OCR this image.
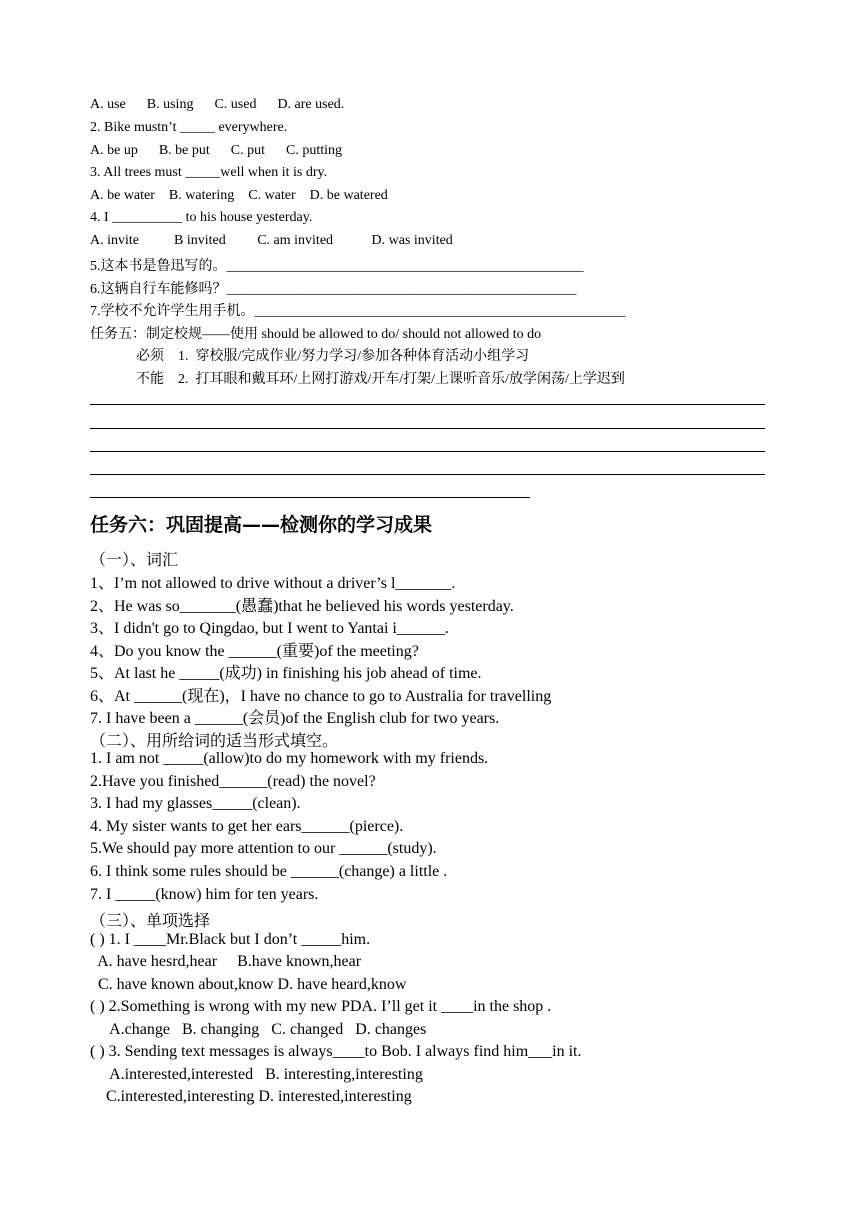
A. use      B. using      C. used      D. are used.
2. Bike mustn’t _____ everywhere.
A. be up      B. be put      C. put      C. putting
3. All trees must _____well when it is dry.
A. be water    B. watering    C. water    D. be watered
4. I __________ to his house yesterday.
A. invite          B invited         C. am invited           D. was invited
5.这本书是鲁迅写的。___________________________________________________
6.这辆自行车能修吗？__________________________________________________
7.学校不允许学生用手机。_____________________________________________________
任务五：制定校规——使用 should be allowed to do/ should not allowed to do
必须    1.  穿校服/完成作业/努力学习/参加各种体育活动小组学习
不能    2.  打耳眼和戴耳环/上网打游戏/开车/打架/上课听音乐/放学闲荡/上学迟到
任务六：巩固提高——检测你的学习成果
（一）、词汇
1、I’m not allowed to drive without a driver’s l_______.
2、He was so_______(愚蠢)that he believed his words yesterday.
3、I didn't go to Qingdao, but I went to Yantai i______.
4、Do you know the ______(重要)of the meeting?
5、At last he _____(成功) in finishing his job ahead of time.
6、At ______(现在)，I have no chance to go to Australia for travelling
7. I have been a ______(会员)of the English club for two years.
（二）、用所给词的适当形式填空。
1. I am not _____(allow)to do my homework with my friends.
2.Have you finished______(read) the novel?
3. I had my glasses_____(clean).
4. My sister wants to get her ears______(pierce).
5.We should pay more attention to our ______(study).
6. I think some rules should be ______(change) a little .
7. I _____(know) him for ten years.
（三）、单项选择
( ) 1. I ____Mr.Black but I don’t _____him.
A. have hesrd,hear     B.have known,hear
C. have known about,know D. have heard,know
( ) 2.Something is wrong with my new PDA. I’ll get it ____in the shop .
A.change   B. changing   C. changed   D. changes
( ) 3. Sending text messages is always____to Bob. I always find him___in it.
A.interested,interested   B. interesting,interesting
C.interested,interesting D. interested,interesting
